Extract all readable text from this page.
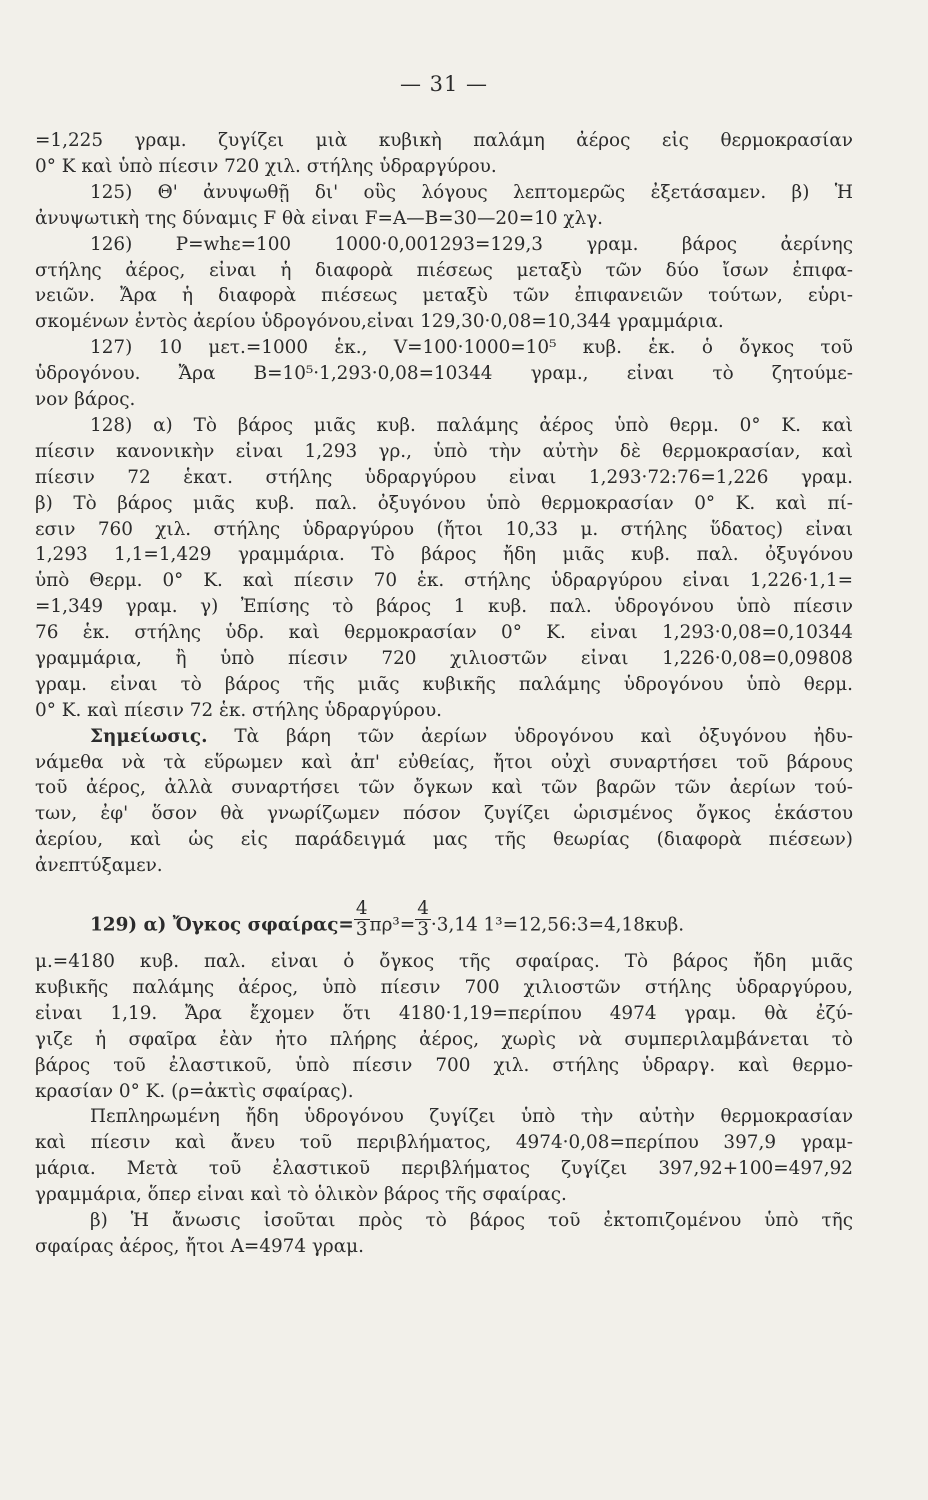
— 31 —
=1,225 γραμ. ζυγίζει μιὰ κυβικὴ παλάμη ἀέρος εἰς θερμοκρασίαν
0° K καὶ ὑπὸ πίεσιν 720 χιλ. στήλης ὑδραργύρου.
125) Θ' ἀνυψωθῇ δι' οὓς λόγους λεπτομερῶς ἐξετάσαμεν. β) Ἡ
ἀνυψωτικὴ της δύναμις F θὰ εἶναι F=A—B=30—20=10 χλγ.
126) P=whε=100 1000·0,001293=129,3 γραμ. βάρος ἀερίνης
στήλης ἀέρος, εἶναι ἡ διαφορὰ πιέσεως μεταξὺ τῶν δύο ἴσων ἐπιφα-
νειῶν. Ἄρα ἡ διαφορὰ πιέσεως μεταξὺ τῶν ἐπιφανειῶν τούτων, εὑρι-
σκομένων ἐντὸς ἀερίου ὑδρογόνου,εἶναι 129,30·0,08=10,344 γραμμάρια.
127) 10 μετ.=1000 ἑκ., V=100·1000=10⁵ κυβ. ἑκ. ὁ ὄγκος τοῦ
ὑδρογόνου. Ἄρα B=10⁵·1,293·0,08=10344 γραμ., εἶναι τὸ ζητούμε-
νον βάρος.
128) α) Τὸ βάρος μιᾶς κυβ. παλάμης ἀέρος ὑπὸ θερμ. 0° K. καὶ
πίεσιν κανονικὴν εἶναι 1,293 γρ., ὑπὸ τὴν αὐτὴν δὲ θερμοκρασίαν, καὶ
πίεσιν 72 ἑκατ. στήλης ὑδραργύρου εἶναι 1,293·72:76=1,226 γραμ.
β) Τὸ βάρος μιᾶς κυβ. παλ. ὀξυγόνου ὑπὸ θερμοκρασίαν 0° K. καὶ πί-
εσιν 760 χιλ. στήλης ὑδραργύρου (ἤτοι 10,33 μ. στήλης ὕδατος) εἶναι
1,293 1,1=1,429 γραμμάρια. Τὸ βάρος ἤδη μιᾶς κυβ. παλ. ὀξυγόνου
ὑπὸ Θερμ. 0° K. καὶ πίεσιν 70 ἑκ. στήλης ὑδραργύρου εἶναι 1,226·1,1=
=1,349 γραμ. γ) Ἐπίσης τὸ βάρος 1 κυβ. παλ. ὑδρογόνου ὑπὸ πίεσιν
76 ἑκ. στήλης ὑδρ. καὶ θερμοκρασίαν 0° K. εἶναι 1,293·0,08=0,10344
γραμμάρια, ἢ ὑπὸ πίεσιν 720 χιλιοστῶν εἶναι 1,226·0,08=0,09808
γραμ. εἶναι τὸ βάρος τῆς μιᾶς κυβικῆς παλάμης ὑδρογόνου ὑπὸ θερμ.
0° K. καὶ πίεσιν 72 ἑκ. στήλης ὑδραργύρου.
Σημείωσις. Τὰ βάρη τῶν ἀερίων ὑδρογόνου καὶ ὀξυγόνου ἠδυ-
νάμεθα νὰ τὰ εὕρωμεν καὶ ἀπ' εὐθείας, ἤτοι οὐχὶ συναρτήσει τοῦ βάρους
τοῦ ἀέρος, ἀλλὰ συναρτήσει τῶν ὄγκων καὶ τῶν βαρῶν τῶν ἀερίων τού-
των, ἐφ' ὅσον θὰ γνωρίζωμεν πόσον ζυγίζει ὡρισμένος ὄγκος ἑκάστου
ἀερίου, καὶ ὡς εἰς παράδειγμά μας τῆς θεωρίας (διαφορὰ πιέσεων)
ἀνεπτύξαμεν.
129) α) Ὄγκος $\sigma\varphi\alpha ί\rho\alpha\varsigma= \frac{4}{3} \pi\rho^3= \frac{4}{3} \cdot 3,14$ 1³=12,56:3=4,18κυβ.
μ.=4180 κυβ. παλ. εἶναι ὁ ὄγκος τῆς σφαίρας. Τὸ βάρος ἤδη μιᾶς
κυβικῆς παλάμης ἀέρος, ὑπὸ πίεσιν 700 χιλιοστῶν στήλης ὑδραργύρου,
εἶναι 1,19. Ἄρα ἔχομεν ὅτι 4180·1,19=περίπου 4974 γραμ. θὰ ἐζύ-
γιζε ἡ σφαῖρα ἐὰν ἦτο πλήρης ἀέρος, χωρὶς νὰ συμπεριλαμβάνεται τὸ
βάρος τοῦ ἐλαστικοῦ, ὑπὸ πίεσιν 700 χιλ. στήλης ὑδραργ. καὶ θερμο-
κρασίαν 0° K. (ρ=ἀκτὶς σφαίρας).
Πεπληρωμένη ἤδη ὑδρογόνου ζυγίζει ὑπὸ τὴν αὐτὴν θερμοκρασίαν
καὶ πίεσιν καὶ ἄνευ τοῦ περιβλήματος, 4974·0,08=περίπου 397,9 γραμ-
μάρια. Μετὰ τοῦ ἐλαστικοῦ περιβλήματος ζυγίζει 397,92+100=497,92
γραμμάρια, ὅπερ εἶναι καὶ τὸ ὁλικὸν βάρος τῆς σφαίρας.
β) Ἡ ἄνωσις ἰσοῦται πρὸς τὸ βάρος τοῦ ἐκτοπιζομένου ὑπὸ τῆς
σφαίρας ἀέρος, ἤτοι A=4974 γραμ.
